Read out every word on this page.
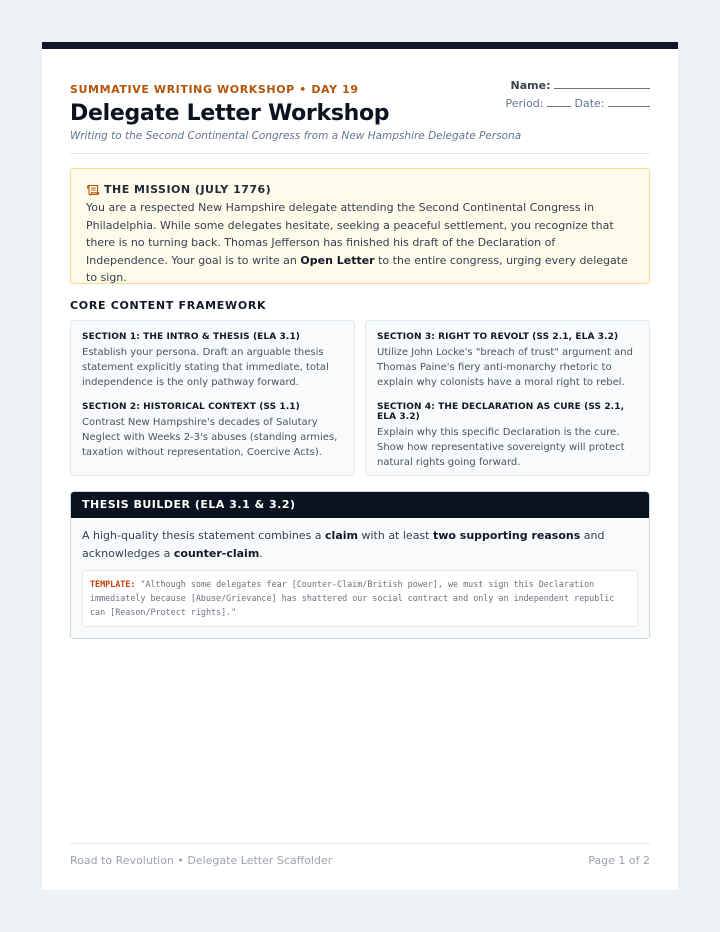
SUMMATIVE WRITING WORKSHOP • DAY 19
Delegate Letter Workshop
Writing to the Second Continental Congress from a New Hampshire Delegate Persona
Name:
Period:	Date:
THE MISSION (JULY 1776)

You are a respected New Hampshire delegate attending the Second Continental Congress in Philadelphia. While some delegates hesitate, seeking a peaceful settlement, you recognize that there is no turning back. Thomas Jefferson has finished his draft of the Declaration of Independence. Your goal is to write an Open Letter to the entire congress, urging every delegate to sign.

CORE CONTENT FRAMEWORK
SECTION 1: THE INTRO & THESIS (ELA 3.1)
Establish your persona. Draft an arguable thesis statement explicitly stating that immediate, total independence is the only pathway forward.
SECTION 2: HISTORICAL CONTEXT (SS 1.1)
Contrast New Hampshire's decades of Salutary Neglect with Weeks 2-3's abuses (standing armies, taxation without representation, Coercive Acts).
SECTION 3: RIGHT TO REVOLT (SS 2.1, ELA 3.2)
Utilize John Locke's "breach of trust" argument and Thomas Paine's fiery anti-monarchy rhetoric to explain why colonists have a moral right to rebel.
SECTION 4: THE DECLARATION AS CURE (SS 2.1, ELA 3.2)
Explain why this specific Declaration is the cure. Show how representative sovereignty will protect natural rights going forward.
THESIS BUILDER (ELA 3.1 & 3.2)

A high-quality thesis statement combines a claim with at least two supporting reasons and acknowledges a counter-claim.

TEMPLATE: "Although some delegates fear [Counter-Claim/British power], we must sign this Declaration immediately because [Abuse/Grievance] has shattered our social contract and only an independent republic can [Reason/Protect rights]."
Road to Revolution • Delegate Letter Scaffolder	Page 1 of 2
